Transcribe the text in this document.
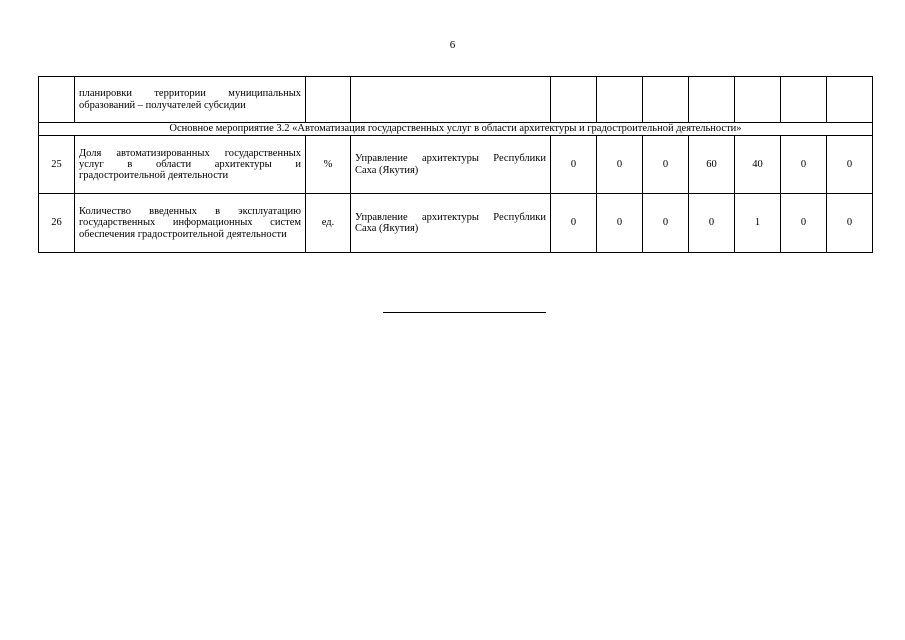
6
	планировки территории муниципальных образований – получателей субсидии									
Основное мероприятие 3.2 «Автоматизация государственных услуг в области архитектуры и градостроительной деятельности»										
25	Доля автоматизированных государственных услуг в области архитектуры и градостроительной деятельности	%	Управление архитектуры Республики Саха (Якутия)	0	0	0	60	40	0	0
26	Количество введенных в эксплуатацию государственных информационных систем обеспечения градостроительной деятельности	ед.	Управление архитектуры Республики Саха (Якутия)	0	0	0	0	1	0	0
